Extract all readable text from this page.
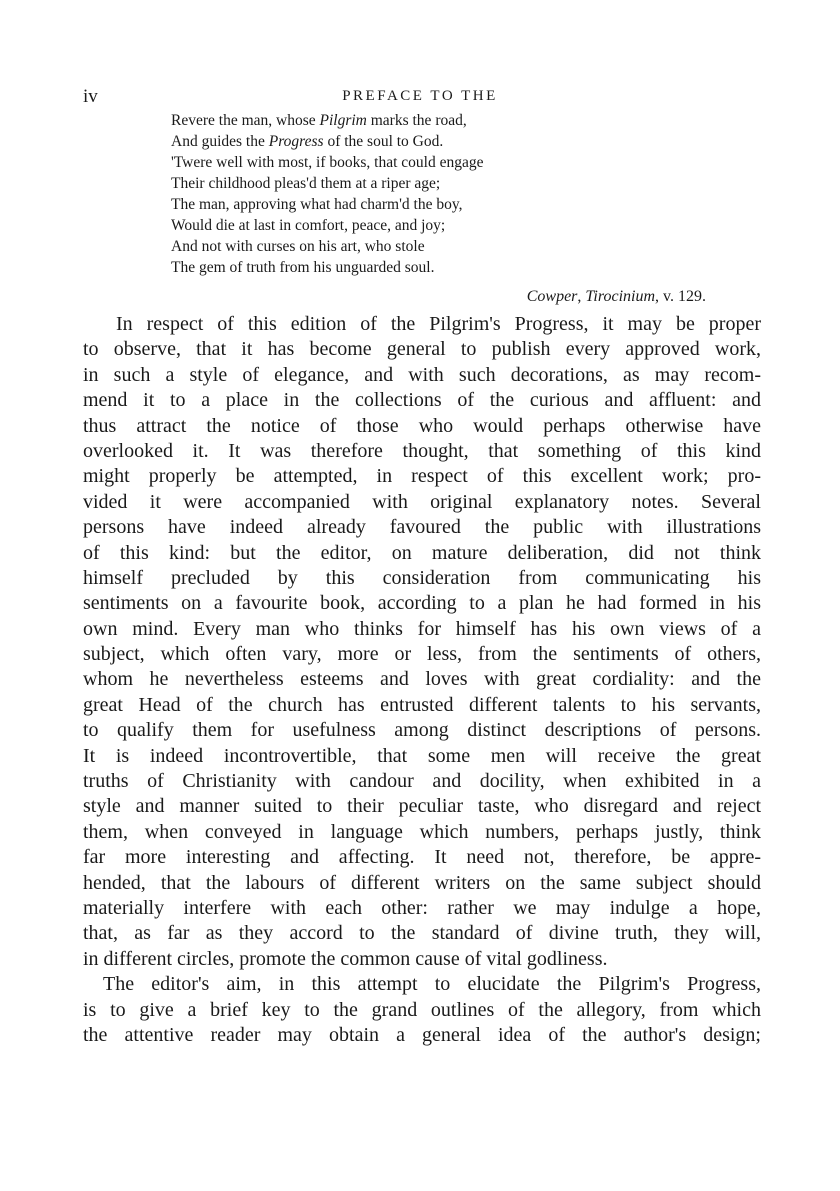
iv	PREFACE TO THE
Revere the man, whose Pilgrim marks the road,
And guides the Progress of the soul to God.
'Twere well with most, if books, that could engage
Their childhood pleas'd them at a riper age;
The man, approving what had charm'd the boy,
Would die at last in comfort, peace, and joy;
And not with curses on his art, who stole
The gem of truth from his unguarded soul.
Cowper, Tirocinium, v. 129.
In respect of this edition of the Pilgrim's Progress, it may be proper
to observe, that it has become general to publish every approved work,
in such a style of elegance, and with such decorations, as may recom-
mend it to a place in the collections of the curious and affluent: and
thus attract the notice of those who would perhaps otherwise have
overlooked it. It was therefore thought, that something of this kind
might properly be attempted, in respect of this excellent work; pro-
vided it were accompanied with original explanatory notes. Several
persons have indeed already favoured the public with illustrations
of this kind: but the editor, on mature deliberation, did not think
himself precluded by this consideration from communicating his
sentiments on a favourite book, according to a plan he had formed in his
own mind. Every man who thinks for himself has his own views of a
subject, which often vary, more or less, from the sentiments of others,
whom he nevertheless esteems and loves with great cordiality: and the
great Head of the church has entrusted different talents to his servants,
to qualify them for usefulness among distinct descriptions of persons.
It is indeed incontrovertible, that some men will receive the great
truths of Christianity with candour and docility, when exhibited in a
style and manner suited to their peculiar taste, who disregard and reject
them, when conveyed in language which numbers, perhaps justly, think
far more interesting and affecting. It need not, therefore, be appre-
hended, that the labours of different writers on the same subject should
materially interfere with each other: rather we may indulge a hope,
that, as far as they accord to the standard of divine truth, they will,
in different circles, promote the common cause of vital godliness.
The editor's aim, in this attempt to elucidate the Pilgrim's Progress,
is to give a brief key to the grand outlines of the allegory, from which
the attentive reader may obtain a general idea of the author's design;
